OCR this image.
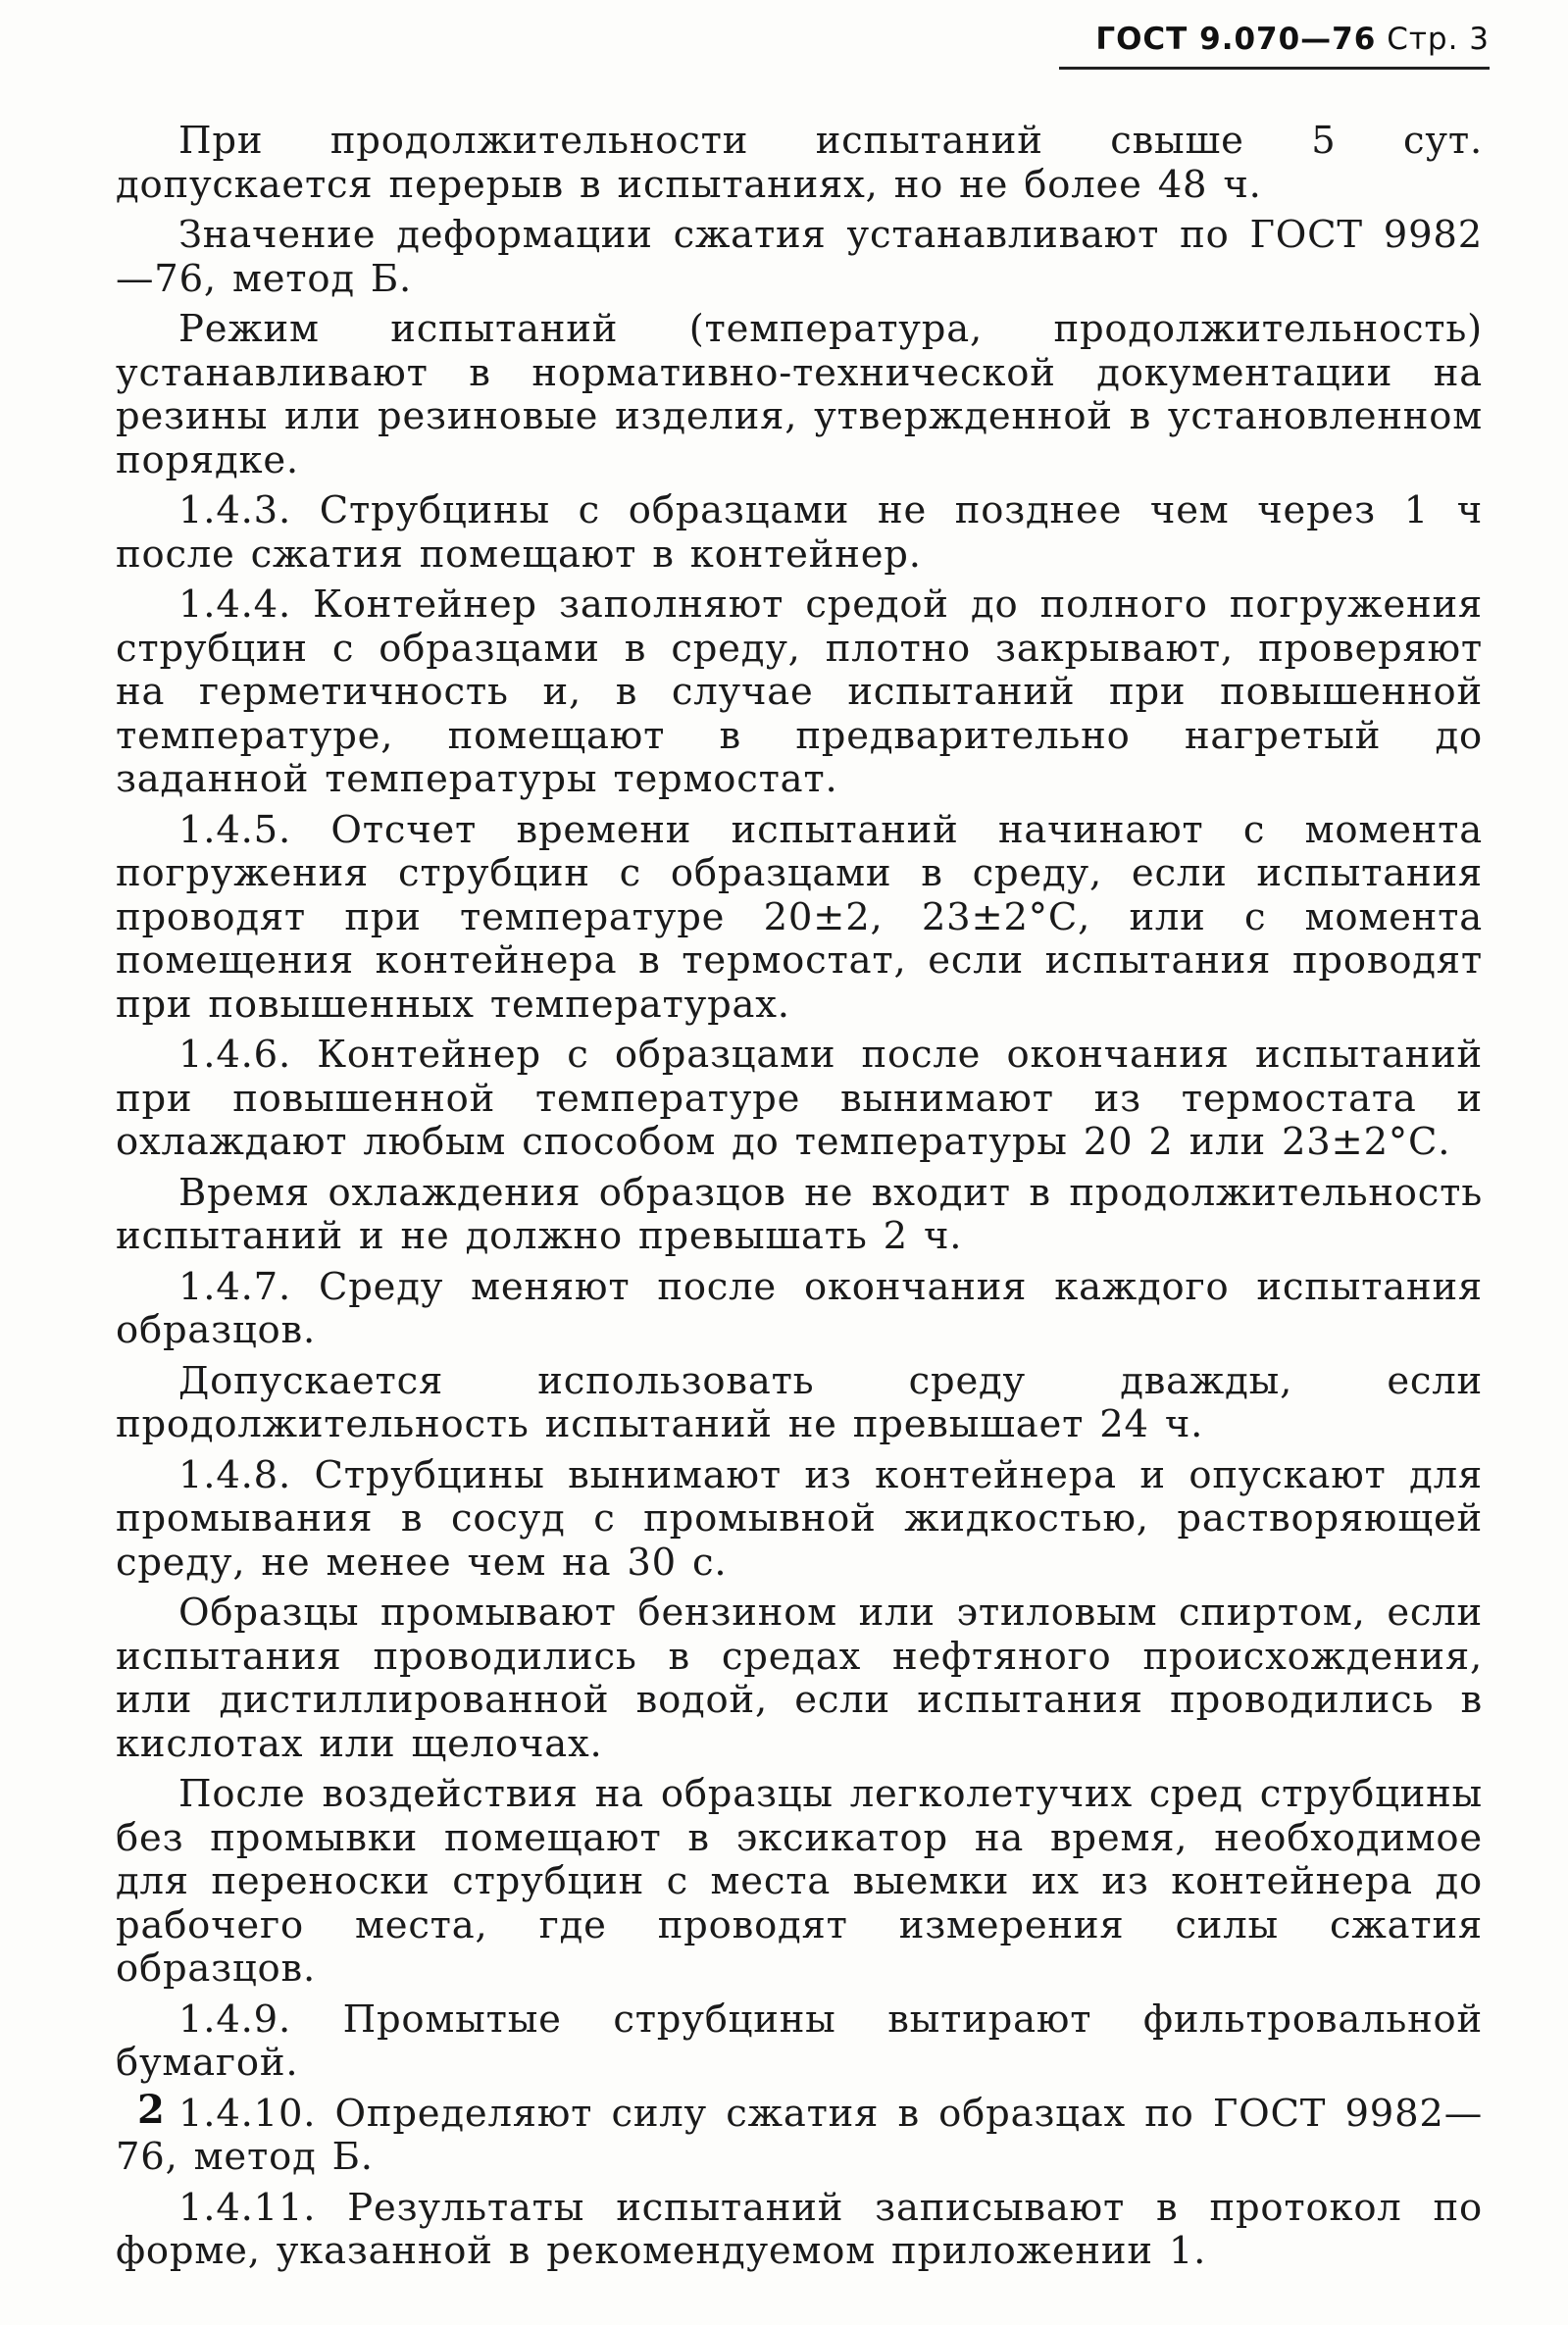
ГОСТ 9.070—76 Стр. 3

При продолжительности испытаний свыше 5 сут. допускается перерыв в испытаниях, но не более 48 ч.

Значение деформации сжатия устанавливают по ГОСТ 9982—76, метод Б.

Режим испытаний (температура, продолжительность) устанавливают в нормативно-технической документации на резины или резиновые изделия, утвержденной в установленном порядке.

1.4.3. Струбцины с образцами не позднее чем через 1 ч после сжатия помещают в контейнер.

1.4.4. Контейнер заполняют средой до полного погружения струбцин с образцами в среду, плотно закрывают, проверяют на герметичность и, в случае испытаний при повышенной температуре, помещают в предварительно нагретый до заданной температуры термостат.

1.4.5. Отсчет времени испытаний начинают с момента погружения струбцин с образцами в среду, если испытания проводят при температуре 20±2, 23±2°С, или с момента помещения контейнера в термостат, если испытания проводят при повышенных температурах.

1.4.6. Контейнер с образцами после окончания испытаний при повышенной температуре вынимают из термостата и охлаждают любым способом до температуры 20 2 или 23±2°С.

Время охлаждения образцов не входит в продолжительность испытаний и не должно превышать 2 ч.

1.4.7. Среду меняют после окончания каждого испытания образцов.

Допускается использовать среду дважды, если продолжительность испытаний не превышает 24 ч.

1.4.8. Струбцины вынимают из контейнера и опускают для промывания в сосуд с промывной жидкостью, растворяющей среду, не менее чем на 30 с.

Образцы промывают бензином или этиловым спиртом, если испытания проводились в средах нефтяного происхождения, или дистиллированной водой, если испытания проводились в кислотах или щелочах.

После воздействия на образцы легколетучих сред струбцины без промывки помещают в эксикатор на время, необходимое для переноски струбцин с места выемки их из контейнера до рабочего места, где проводят измерения силы сжатия образцов.

1.4.9. Промытые струбцины вытирают фильтровальной бумагой.

1.4.10. Определяют силу сжатия в образцах по ГОСТ 9982—76, метод Б.

1.4.11. Результаты испытаний записывают в протокол по форме, указанной в рекомендуемом приложении 1.

2
